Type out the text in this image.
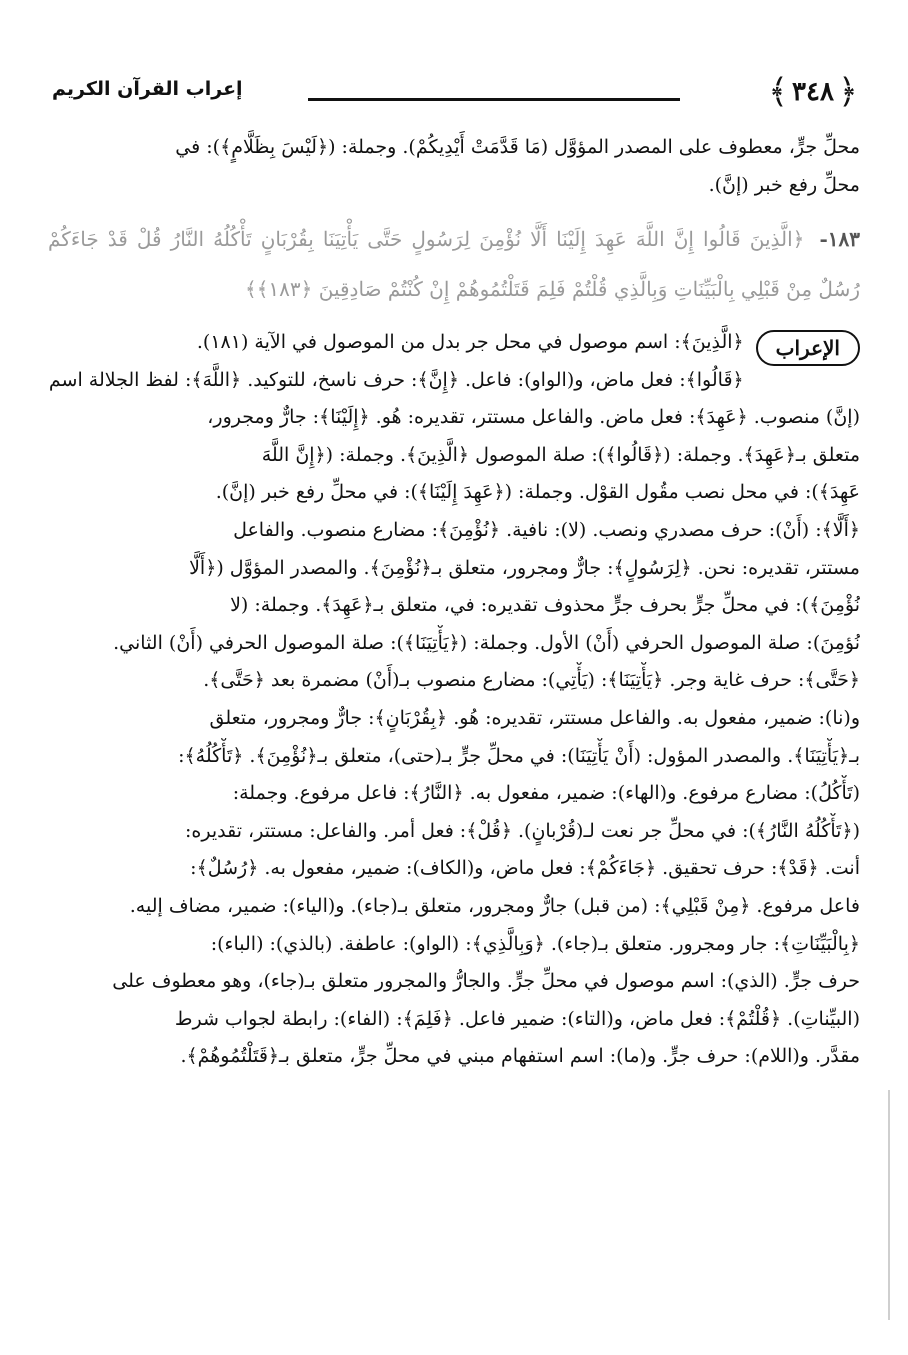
﴿
٣٤٨
﴾
إعراب القرآن الكريم

محلِّ جرٍّ، معطوف على المصدر المؤوَّل (مَا قَدَّمَتْ أَيْدِيكُمْ). وجملة: (﴿لَيْسَ بِظَلَّامٍ﴾): في
محلِّ رفع خبر (إنَّ).

١٨٣- ﴿الَّذِينَ قَالُوا إِنَّ اللَّهَ عَهِدَ إِلَيْنَا أَلَّا نُؤْمِنَ لِرَسُولٍ حَتَّى يَأْتِيَنَا بِقُرْبَانٍ تَأْكُلُهُ النَّارُ قُلْ قَدْ جَاءَكُمْ رُسُلٌ مِنْ قَبْلِي بِالْبَيِّنَاتِ وَبِالَّذِي قُلْتُمْ فَلِمَ قَتَلْتُمُوهُمْ إِنْ كُنْتُمْ صَادِقِينَ ﴿١٨٣﴾﴾
الإعراب
﴿الَّذِينَ﴾: اسم موصول في محل جر بدل من الموصول في الآية (١٨١).
﴿قَالُوا﴾: فعل ماض، و(الواو): فاعل. ﴿إِنَّ﴾: حرف ناسخ، للتوكيد. ﴿اللَّهَ﴾: لفظ الجلالة اسم
(إنَّ) منصوب. ﴿عَهِدَ﴾: فعل ماض. والفاعل مستتر، تقديره: هُو. ﴿إِلَيْنَا﴾: جارٌّ ومجرور،
متعلق بـ﴿عَهِدَ﴾. وجملة: (﴿قَالُوا﴾): صلة الموصول ﴿الَّذِينَ﴾. وجملة: (﴿إِنَّ اللَّهَ
عَهِدَ﴾): في محل نصب مقُول القوْل. وجملة: (﴿عَهِدَ إِلَيْنَا﴾): في محلِّ رفع خبر (إنَّ).
﴿أَلَّا﴾: (أَنْ): حرف مصدري ونصب. (لا): نافية. ﴿نُؤْمِنَ﴾: مضارع منصوب. والفاعل
مستتر، تقديره: نحن. ﴿لِرَسُولٍ﴾: جارٌّ ومجرور، متعلق بـ﴿نُؤْمِنَ﴾. والمصدر المؤوَّل (﴿أَلَّا
نُؤْمِنَ﴾): في محلِّ جرٍّ بحرف جرٍّ محذوف تقديره: في، متعلق بـ﴿عَهِدَ﴾. وجملة: (لا
نُؤمِنَ): صلة الموصول الحرفي (أَنْ) الأول. وجملة: (﴿يَأْتِيَنَا﴾): صلة الموصول الحرفي (أَنْ) الثاني.
﴿حَتَّى﴾: حرف غاية وجر. ﴿يَأْتِيَنَا﴾: (يَأْتِي): مضارع منصوب بـ(أَنْ) مضمرة بعد ﴿حَتَّى﴾.
و(نا): ضمير، مفعول به. والفاعل مستتر، تقديره: هُو. ﴿بِقُرْبَانٍ﴾: جارٌّ ومجرور، متعلق
بـ﴿يَأْتِيَنَا﴾. والمصدر المؤول: (أَنْ يَأْتِيَنَا): في محلِّ جرٍّ بـ(حتى)، متعلق بـ﴿نُؤْمِنَ﴾. ﴿تَأْكُلُهُ﴾:
(تَأْكُلُ): مضارع مرفوع. و(الهاء): ضمير، مفعول به. ﴿النَّارُ﴾: فاعل مرفوع. وجملة:
(﴿تَأْكُلُهُ النَّارُ﴾): في محلِّ جر نعت لـ(قُرْبانٍ). ﴿قُلْ﴾: فعل أمر. والفاعل: مستتر، تقديره:
أنت. ﴿قَدْ﴾: حرف تحقيق. ﴿جَاءَكُمْ﴾: فعل ماض، و(الكاف): ضمير، مفعول به. ﴿رُسُلٌ﴾:
فاعل مرفوع. ﴿مِنْ قَبْلِي﴾: (من قبل) جارٌّ ومجرور، متعلق بـ(جاء). و(الياء): ضمير، مضاف إليه.
﴿بِالْبَيِّنَاتِ﴾: جار ومجرور. متعلق بـ(جاء). ﴿وَبِالَّذِي﴾: (الواو): عاطفة. (بالذي): (الباء):
حرف جرٍّ. (الذي): اسم موصول في محلِّ جرٍّ. والجارُّ والمجرور متعلق بـ(جاء)، وهو معطوف على
(البيِّناتِ). ﴿قُلْتُمْ﴾: فعل ماض، و(التاء): ضمير فاعل. ﴿فَلِمَ﴾: (الفاء): رابطة لجواب شرط
مقدَّر. و(اللام): حرف جرٍّ. و(ما): اسم استفهام مبني في محلِّ جرٍّ، متعلق بـ﴿قَتَلْتُمُوهُمْ﴾.
